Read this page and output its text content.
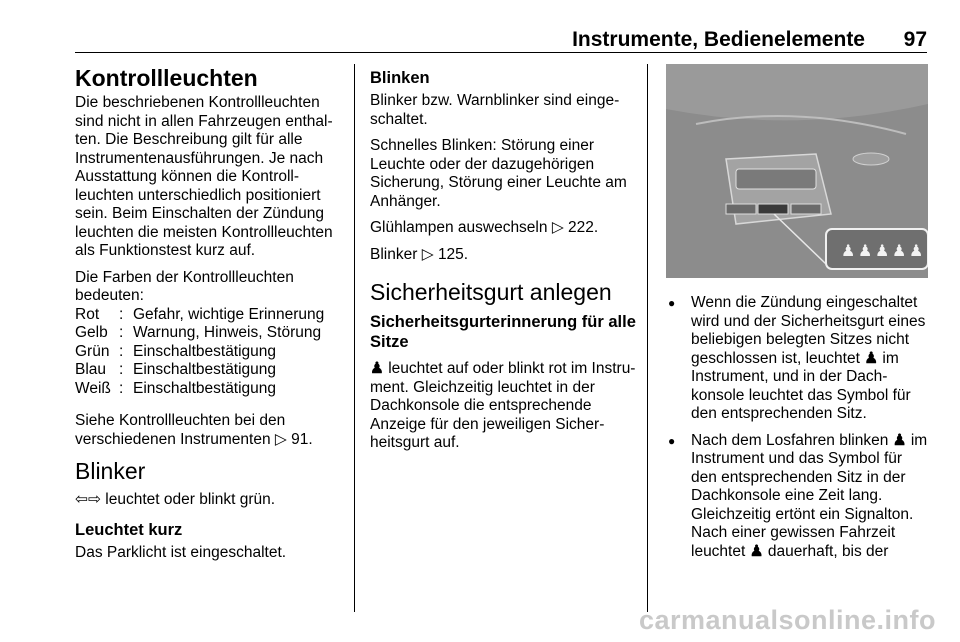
Instrumente, Bedienelemente 97
Kontrollleuchten

Die beschriebenen Kontrollleuchten sind nicht in allen Fahrzeugen enthal-ten. Die Beschreibung gilt für alle Instrumentenausführungen. Je nach Ausstattung können die Kontroll-leuchten unterschiedlich positioniert sein. Beim Einschalten der Zündung leuchten die meisten Kontrollleuchten als Funktionstest kurz auf.

Die Farben der Kontrollleuchten bedeuten:

Rot	: Gefahr, wichtige Erinnerung
Gelb : Warnung, Hinweis, Störung
Grün : Einschaltbestätigung
Blau : Einschaltbestätigung
Weiß : Einschaltbestätigung

Siehe Kontrollleuchten bei den verschiedenen Instrumenten ▷ 91.

Blinker

⇦⇨ leuchtet oder blinkt grün.

Leuchtet kurz

Das Parklicht ist eingeschaltet.

Blinken

Blinker bzw. Warnblinker sind einge-schaltet.

Schnelles Blinken: Störung einer Leuchte oder der dazugehörigen Sicherung, Störung einer Leuchte am Anhänger.

Glühlampen auswechseln ▷ 222.

Blinker ▷ 125.

Sicherheitsgurt anlegen
Sicherheitsgurterinnerung für alle Sitze

♟ leuchtet auf oder blinkt rot im Instru-ment. Gleichzeitig leuchtet in der Dachkonsole die entsprechende Anzeige für den jeweiligen Sicher-heitsgurt auf.

♟ ♟ ♟ ♟ ♟
● Wenn die Zündung eingeschaltet wird und der Sicherheitsgurt eines beliebigen belegten Sitzes nicht geschlossen ist, leuchtet ♟ im Instrument, und in der Dach-konsole leuchtet das Symbol für den entsprechenden Sitz.
● Nach dem Losfahren blinken ♟ im Instrument und das Symbol für den entsprechenden Sitz in der Dachkonsole eine Zeit lang. Gleichzeitig ertönt ein Signalton. Nach einer gewissen Fahrzeit leuchtet ♟ dauerhaft, bis der
carmanualsonline.info
